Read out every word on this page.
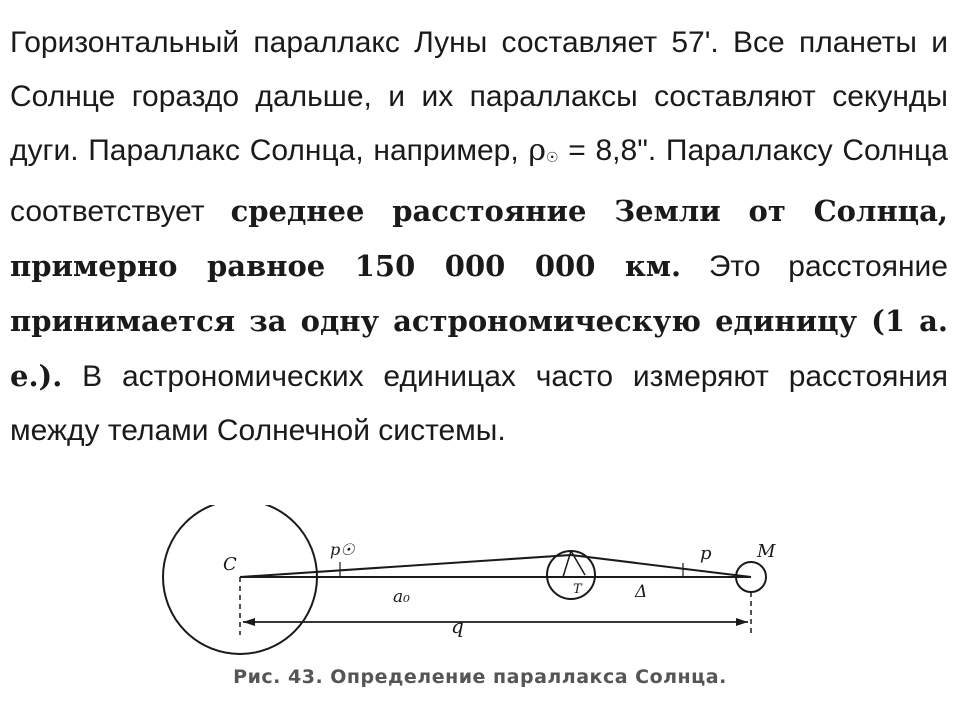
Горизонтальный параллакс Луны составляет 57'. Все планеты и Солнце гораздо дальше, и их параллаксы составляют секунды дуги. Параллакс Солнца, например, $\rho_☉ = 8,8$". Параллаксу Солнца соответствует среднее расстояние Земли от Солнца, примерно равное 150 000 000 км. Это расстояние принимается за одну астрономическую единицу (1 а. е.). В астрономических единицах часто измеряют расстояния между телами Солнечной системы.
C
M
T
p☉	p
a₀	Δ
q
Рис. 43. Определение параллакса Солнца.
